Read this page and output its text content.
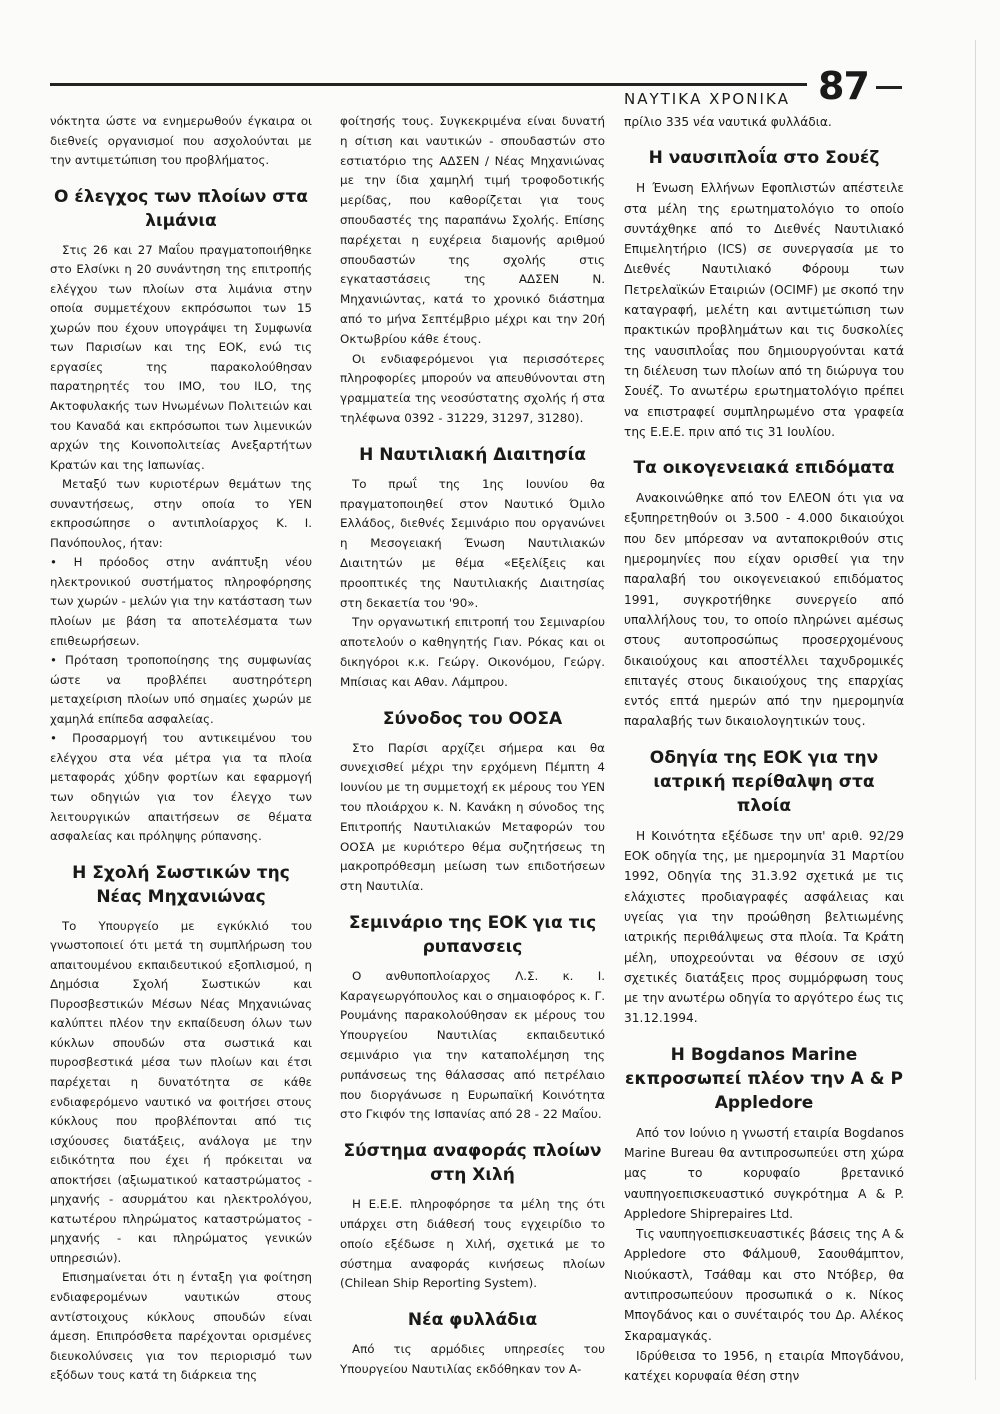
ΝΑΥΤΙΚΑ ΧΡΟΝΙΚΑ 87

νόκτητα ώστε να ενημερωθούν έγκαιρα οι διεθνείς οργανισμοί που ασχολούνται με την αντιμετώπιση του προβλήματος.

Ο έλεγχος των πλοίων στα λιμάνια

Στις 26 και 27 Μαΐου πραγματοποιήθηκε στο Ελσίνκι η 20 συνάντηση της επιτροπής ελέγχου των πλοίων στα λιμάνια στην οποία συμμετέχουν εκπρόσωποι των 15 χωρών που έχουν υπογράψει τη Συμφωνία των Παρισίων και της ΕΟΚ, ενώ τις εργασίες της παρακολούθησαν παρατηρητές του ΙΜΟ, του ILO, της Ακτοφυλακής των Ηνωμένων Πολιτειών και του Καναδά και εκπρόσωποι των λιμενικών αρχών της Κοινοπολιτείας Ανεξαρτήτων Κρατών και της Ιαπωνίας.

Μεταξύ των κυριοτέρων θεμάτων της συναντήσεως, στην οποία το ΥΕΝ εκπροσώπησε ο αντιπλοίαρχος Κ. Ι. Πανόπουλος, ήταν:

• Η πρόοδος στην ανάπτυξη νέου ηλεκτρονικού συστήματος πληροφόρησης των χωρών - μελών για την κατάσταση των πλοίων με βάση τα αποτελέσματα των επιθεωρήσεων.

• Πρόταση τροποποίησης της συμφωνίας ώστε να προβλέπει αυστηρότερη μεταχείριση πλοίων υπό σημαίες χωρών με χαμηλά επίπεδα ασφαλείας.

• Προσαρμογή του αντικειμένου του ελέγχου στα νέα μέτρα για τα πλοία μεταφοράς χύδην φορτίων και εφαρμογή των οδηγιών για τον έλεγχο των λειτουργικών απαιτήσεων σε θέματα ασφαλείας και πρόληψης ρύπανσης.

Η Σχολή Σωστικών της Νέας Μηχανιώνας

Το Υπουργείο με εγκύκλιό του γνωστοποιεί ότι μετά τη συμπλήρωση του απαιτουμένου εκπαιδευτικού εξοπλισμού, η Δημόσια Σχολή Σωστικών και Πυροσβεστικών Μέσων Νέας Μηχανιώνας καλύπτει πλέον την εκπαίδευση όλων των κύκλων σπουδών στα σωστικά και πυροσβεστικά μέσα των πλοίων και έτσι παρέχεται η δυνατότητα σε κάθε ενδιαφερόμενο ναυτικό να φοιτήσει στους κύκλους που προβλέπονται από τις ισχύουσες διατάξεις, ανάλογα με την ειδικότητα που έχει ή πρόκειται να αποκτήσει (αξιωματικού καταστρώματος - μηχανής - ασυρμάτου και ηλεκτρολόγου, κατωτέρου πληρώματος καταστρώματος - μηχανής - και πληρώματος γενικών υπηρεσιών).

Επισημαίνεται ότι η ένταξη για φοίτηση ενδιαφερομένων ναυτικών στους αντίστοιχους κύκλους σπουδών είναι άμεση. Επιπρόσθετα παρέχονται ορισμένες διευκολύνσεις για τον περιορισμό των εξόδων τους κατά τη διάρκεια της

φοίτησής τους. Συγκεκριμένα είναι δυνατή η σίτιση και ναυτικών - σπουδαστών στο εστιατόριο της ΑΔΣΕΝ / Νέας Μηχανιώνας με την ίδια χαμηλή τιμή τροφοδοτικής μερίδας, που καθορίζεται για τους σπουδαστές της παραπάνω Σχολής. Επίσης παρέχεται η ευχέρεια διαμονής αριθμού σπουδαστών της σχολής στις εγκαταστάσεις της ΑΔΣΕΝ Ν. Μηχανιώντας, κατά το χρονικό διάστημα από το μήνα Σεπτέμβριο μέχρι και την 20ή Οκτωβρίου κάθε έτους.

Οι ενδιαφερόμενοι για περισσότερες πληροφορίες μπορούν να απευθύνονται στη γραμματεία της νεοσύστατης σχολής ή στα τηλέφωνα 0392 - 31229, 31297, 31280).

Η Ναυτιλιακή Διαιτησία

Το πρωΐ της 1ης Ιουνίου θα πραγματοποιηθεί στον Ναυτικό Όμιλο Ελλάδος, διεθνές Σεμινάριο που οργανώνει η Μεσογειακή Ένωση Ναυτιλιακών Διαιτητών με θέμα «Εξελίξεις και προοπτικές της Ναυτιλιακής Διαιτησίας στη δεκαετία του '90».

Την οργανωτική επιτροπή του Σεμιναρίου αποτελούν ο καθηγητής Γιαν. Ρόκας και οι δικηγόροι κ.κ. Γεώργ. Οικονόμου, Γεώργ. Μπίσιας και Αθαν. Λάμπρου.

Σύνοδος του ΟΟΣΑ

Στο Παρίσι αρχίζει σήμερα και θα συνεχισθεί μέχρι την ερχόμενη Πέμπτη 4 Ιουνίου με τη συμμετοχή εκ μέρους του ΥΕΝ του πλοιάρχου κ. Ν. Κανάκη η σύνοδος της Επιτροπής Ναυτιλιακών Μεταφορών του ΟΟΣΑ με κυριότερο θέμα συζητήσεως τη μακροπρόθεσμη μείωση των επιδοτήσεων στη Ναυτιλία.

Σεμινάριο της ΕΟΚ για τις ρυπανσεις

Ο ανθυποπλοίαρχος Λ.Σ. κ. Ι. Καραγεωργόπουλος και ο σημαιοφόρος κ. Γ. Ρουμάνης παρακολούθησαν εκ μέρους του Υπουργείου Ναυτιλίας εκπαιδευτικό σεμινάριο για την καταπολέμηση της ρυπάνσεως της θάλασσας από πετρέλαιο που διοργάνωσε η Ευρωπαϊκή Κοινότητα στο Γκιφόν της Ισπανίας από 28 - 22 Μαΐου.

Σύστημα αναφοράς πλοίων στη Χιλή

Η Ε.Ε.Ε. πληροφόρησε τα μέλη της ότι υπάρχει στη διάθεσή τους εγχειρίδιο το οποίο εξέδωσε η Χιλή, σχετικά με το σύστημα αναφοράς κινήσεως πλοίων (Chilean Ship Reporting System).

Νέα φυλλάδια

Από τις αρμόδιες υπηρεσίες του Υπουργείου Ναυτιλίας εκδόθηκαν τον Α-

πρίλιο 335 νέα ναυτικά φυλλάδια.

Η ναυσιπλοΐα στο Σουέζ

Η Ένωση Ελλήνων Εφοπλιστών απέστειλε στα μέλη της ερωτηματολόγιο το οποίο συντάχθηκε από το Διεθνές Ναυτιλιακό Επιμελητήριο (ICS) σε συνεργασία με το Διεθνές Ναυτιλιακό Φόρουμ των Πετρελαϊκών Εταιριών (OCIMF) με σκοπό την καταγραφή, μελέτη και αντιμετώπιση των πρακτικών προβλημάτων και τις δυσκολίες της ναυσιπλοΐας που δημιουργούνται κατά τη διέλευση των πλοίων από τη διώρυγα του Σουέζ. Το ανωτέρω ερωτηματολόγιο πρέπει να επιστραφεί συμπληρωμένο στα γραφεία της Ε.Ε.Ε. πριν από τις 31 Ιουλίου.

Τα οικογενειακά επιδόματα

Ανακοινώθηκε από τον ΕΛΕΟΝ ότι για να εξυπηρετηθούν οι 3.500 - 4.000 δικαιούχοι που δεν μπόρεσαν να ανταποκριθούν στις ημερομηνίες που είχαν ορισθεί για την παραλαβή του οικογενειακού επιδόματος 1991, συγκροτήθηκε συνεργείο από υπαλλήλους του, το οποίο πληρώνει αμέσως στους αυτοπροσώπως προσερχομένους δικαιούχους και αποστέλλει ταχυδρομικές επιταγές στους δικαιούχους της επαρχίας εντός επτά ημερών από την ημερομηνία παραλαβής των δικαιολογητικών τους.

Οδηγία της ΕΟΚ για την ιατρική περίθαλψη στα πλοία

Η Κοινότητα εξέδωσε την υπ' αριθ. 92/29 ΕΟΚ οδηγία της, με ημερομηνία 31 Μαρτίου 1992, Οδηγία της 31.3.92 σχετικά με τις ελάχιστες προδιαγραφές ασφάλειας και υγείας για την προώθηση βελτιωμένης ιατρικής περιθάλψεως στα πλοία. Τα Κράτη μέλη, υποχρεούνται να θέσουν σε ισχύ σχετικές διατάξεις προς συμμόρφωση τους με την ανωτέρω οδηγία το αργότερο έως τις 31.12.1994.

Η Bogdanos Marine εκπροσωπεί πλέον την A & P Appledore

Από τον Ιούνιο η γνωστή εταιρία Bogdanos Marine Bureau θα αντιπροσωπεύει στη χώρα μας το κορυφαίο βρετανικό ναυπηγοεπισκευαστικό συγκρότημα A & P. Appledore Shiprepaires Ltd.

Τις ναυπηγοεπισκευαστικές βάσεις της A & Appledore στο Φάλμουθ, Σαουθάμπτον, Νιούκαστλ, Τσάθαμ και στο Ντόβερ, θα αντιπροσωπεύουν προσωπικά ο κ. Νίκος Μπογδάνος και ο συνέταιρός του Δρ. Αλέκος Σκαραμαγκάς.

Ιδρύθεισα το 1956, η εταιρία Μπογδάνου, κατέχει κορυφαία θέση στην
